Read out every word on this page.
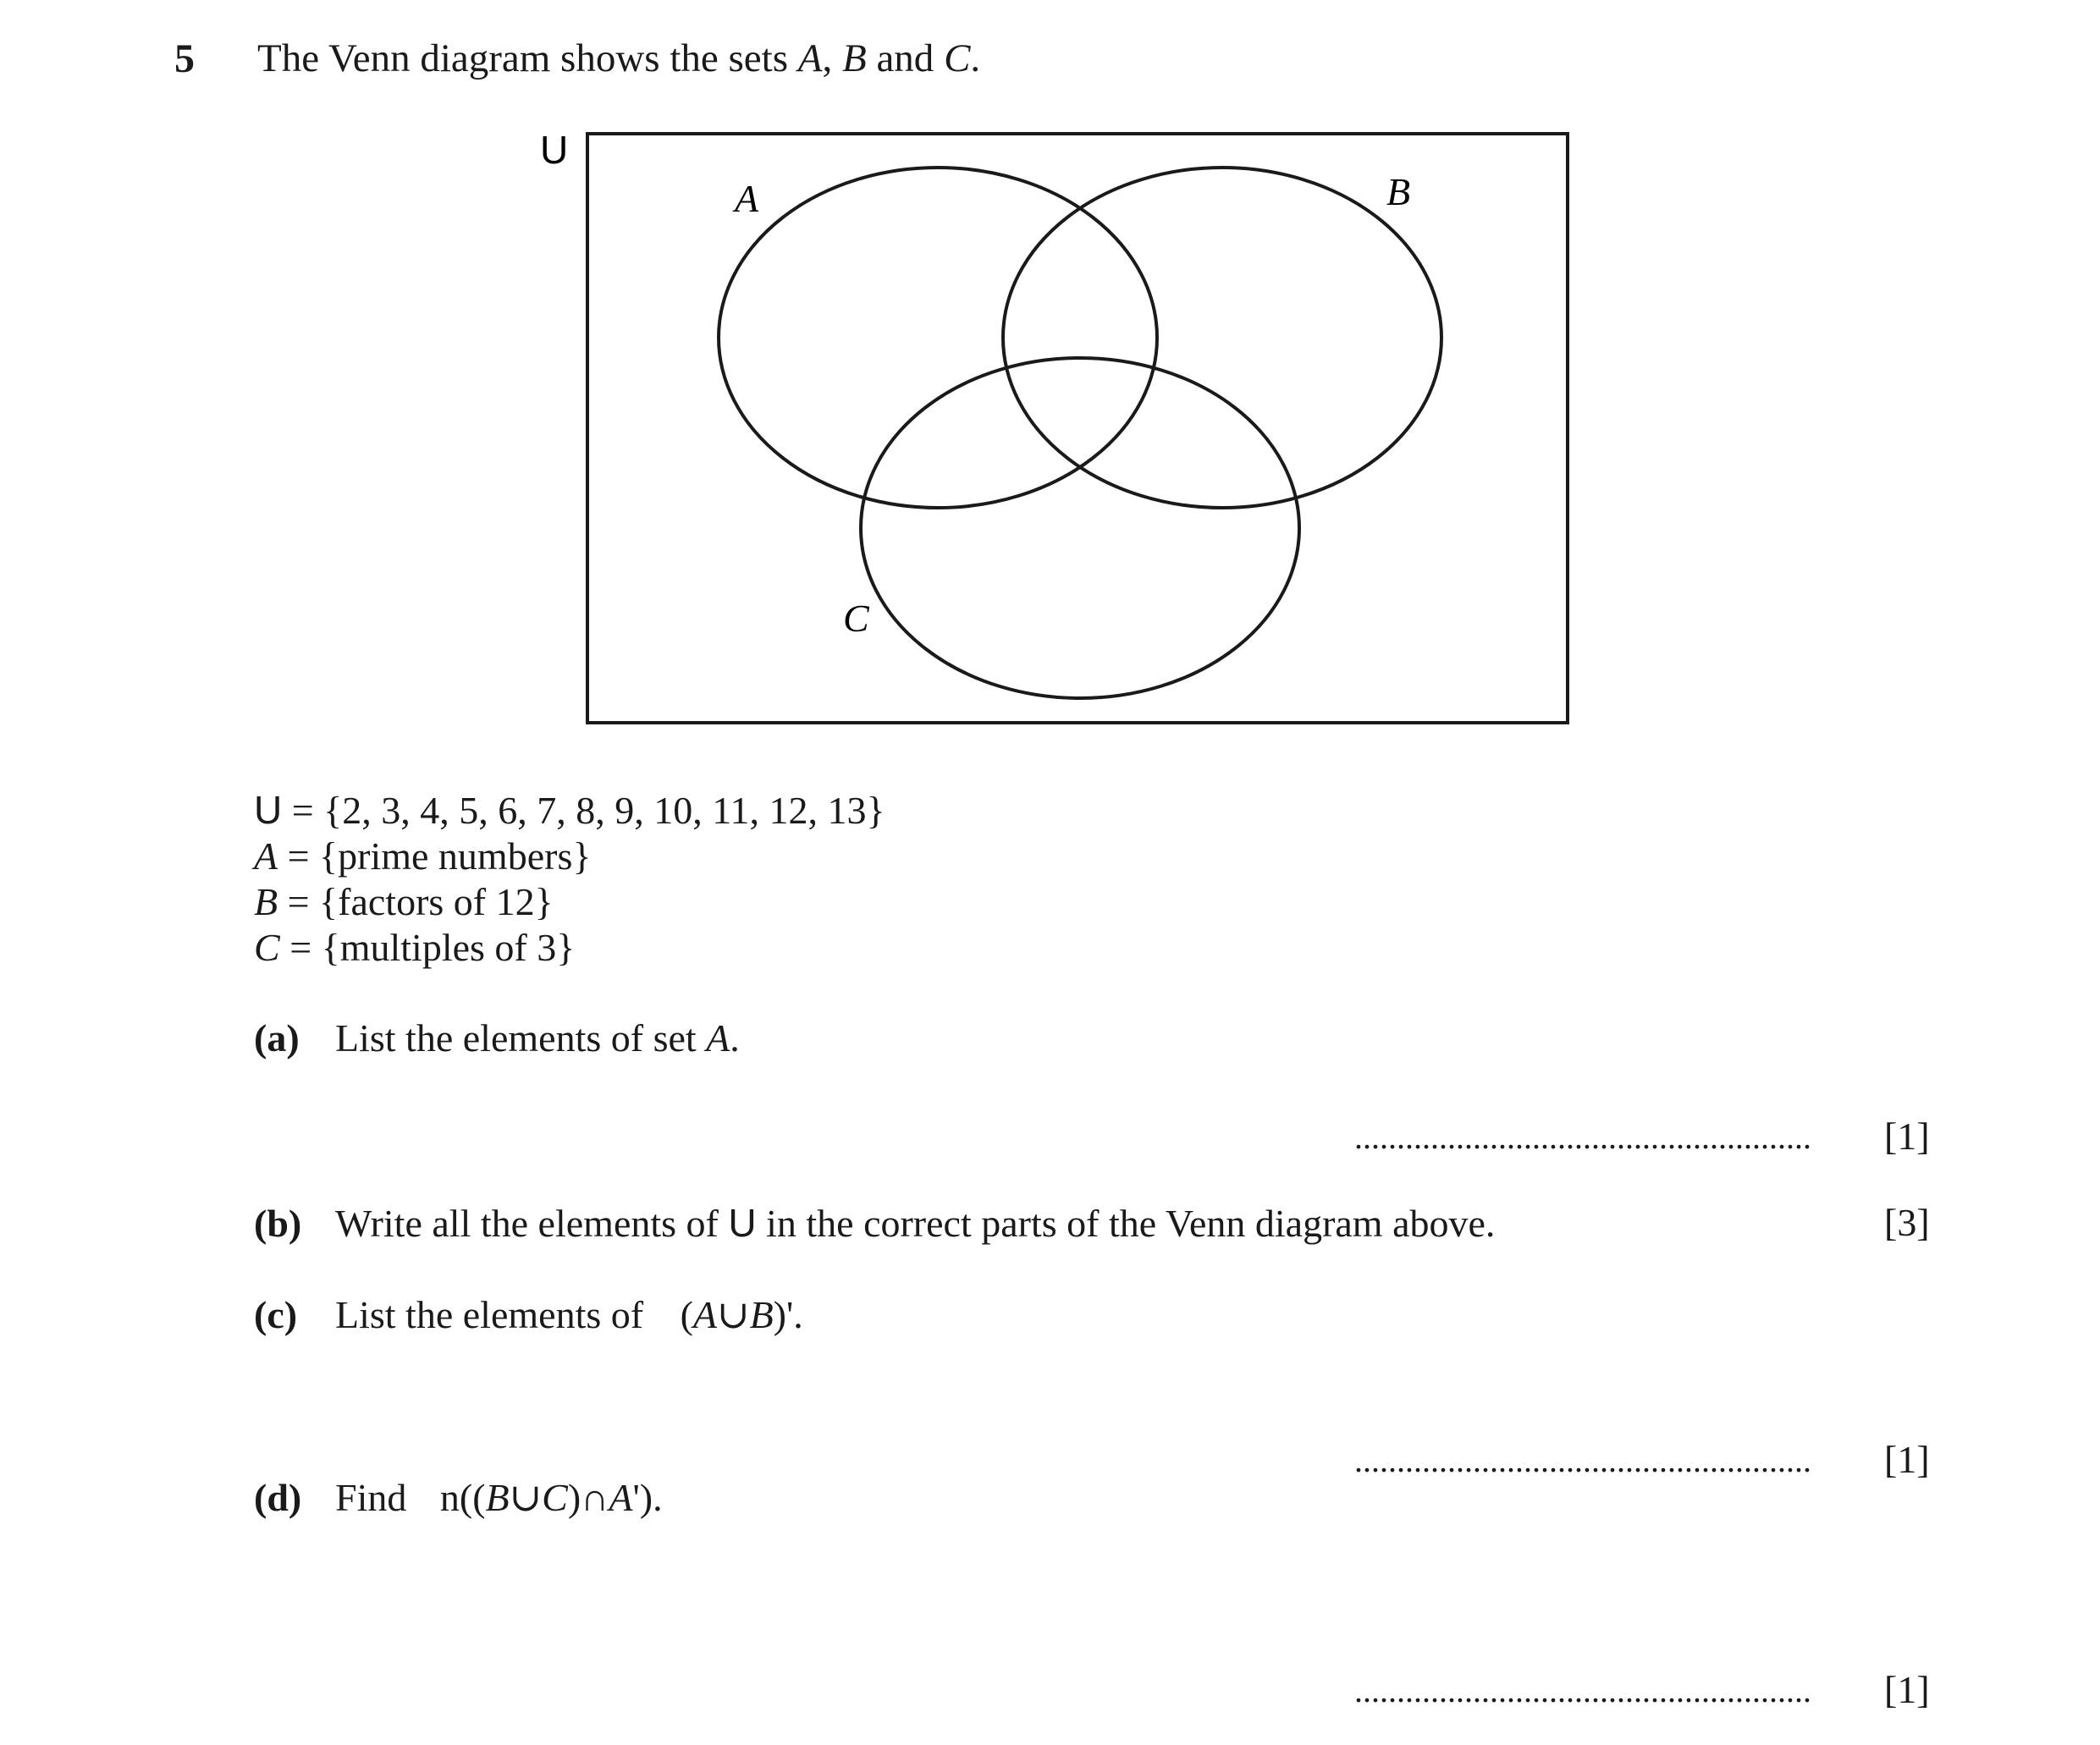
5 The Venn diagram shows the sets A, B and C.
U
A	B
C
U = {2, 3, 4, 5, 6, 7, 8, 9, 10, 11, 12, 13}
A = {prime numbers}
B = {factors of 12}
C = {multiples of 3}
(a) List the elements of set A.
...................................................... [1]
(b) Write all the elements of U in the correct parts of the Venn diagram above.	[3]
(c) List the elements of (A∪B)'.
...................................................... [1]
(d) Find n((B∪C)∩A').
...................................................... [1]
